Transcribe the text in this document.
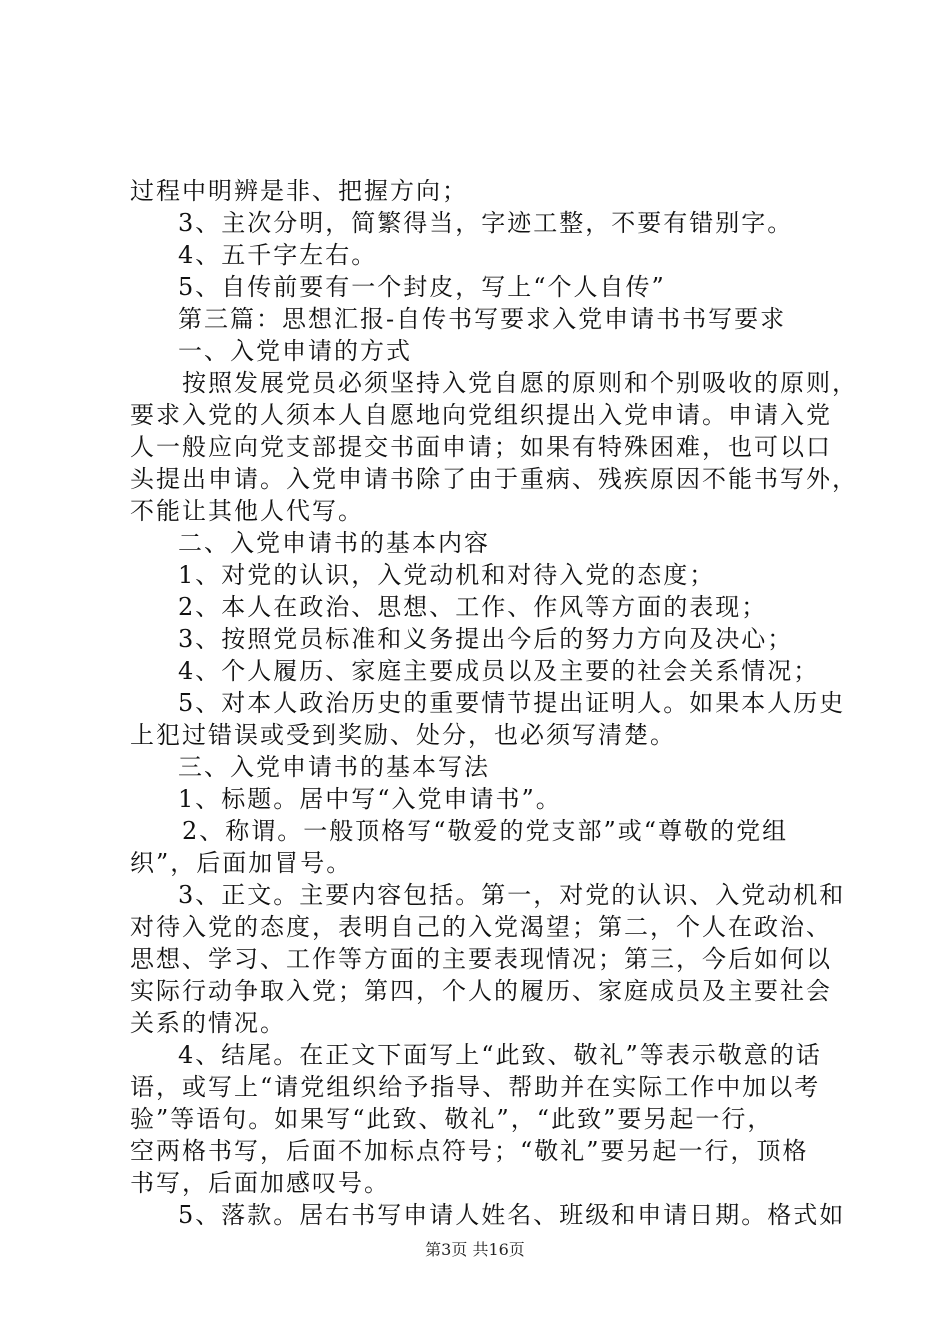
过程中明辨是非、把握方向；
3、主次分明，简繁得当，字迹工整，不要有错别字。
4、五千字左右。
5、自传前要有一个封皮，写上“个人自传”
第三篇：思想汇报-自传书写要求入党申请书书写要求
一、入党申请的方式
按照发展党员必须坚持入党自愿的原则和个别吸收的原则，
要求入党的人须本人自愿地向党组织提出入党申请。申请入党
人一般应向党支部提交书面申请；如果有特殊困难，也可以口
头提出申请。入党申请书除了由于重病、残疾原因不能书写外，
不能让其他人代写。
二、入党申请书的基本内容
1、对党的认识，入党动机和对待入党的态度；
2、本人在政治、思想、工作、作风等方面的表现；
3、按照党员标准和义务提出今后的努力方向及决心；
4、个人履历、家庭主要成员以及主要的社会关系情况；
5、对本人政治历史的重要情节提出证明人。如果本人历史
上犯过错误或受到奖励、处分，也必须写清楚。
三、入党申请书的基本写法
1、标题。居中写“入党申请书”。
2、称谓。一般顶格写“敬爱的党支部”或“尊敬的党组
织”，后面加冒号。
3、正文。主要内容包括。第一，对党的认识、入党动机和
对待入党的态度，表明自己的入党渴望；第二，个人在政治、
思想、学习、工作等方面的主要表现情况；第三，今后如何以
实际行动争取入党；第四，个人的履历、家庭成员及主要社会
关系的情况。
4、结尾。在正文下面写上“此致、敬礼”等表示敬意的话
语，或写上“请党组织给予指导、帮助并在实际工作中加以考
验”等语句。如果写“此致、敬礼”，“此致”要另起一行，
空两格书写，后面不加标点符号；“敬礼”要另起一行，顶格
书写，后面加感叹号。
5、落款。居右书写申请人姓名、班级和申请日期。格式如
第3页 共16页
